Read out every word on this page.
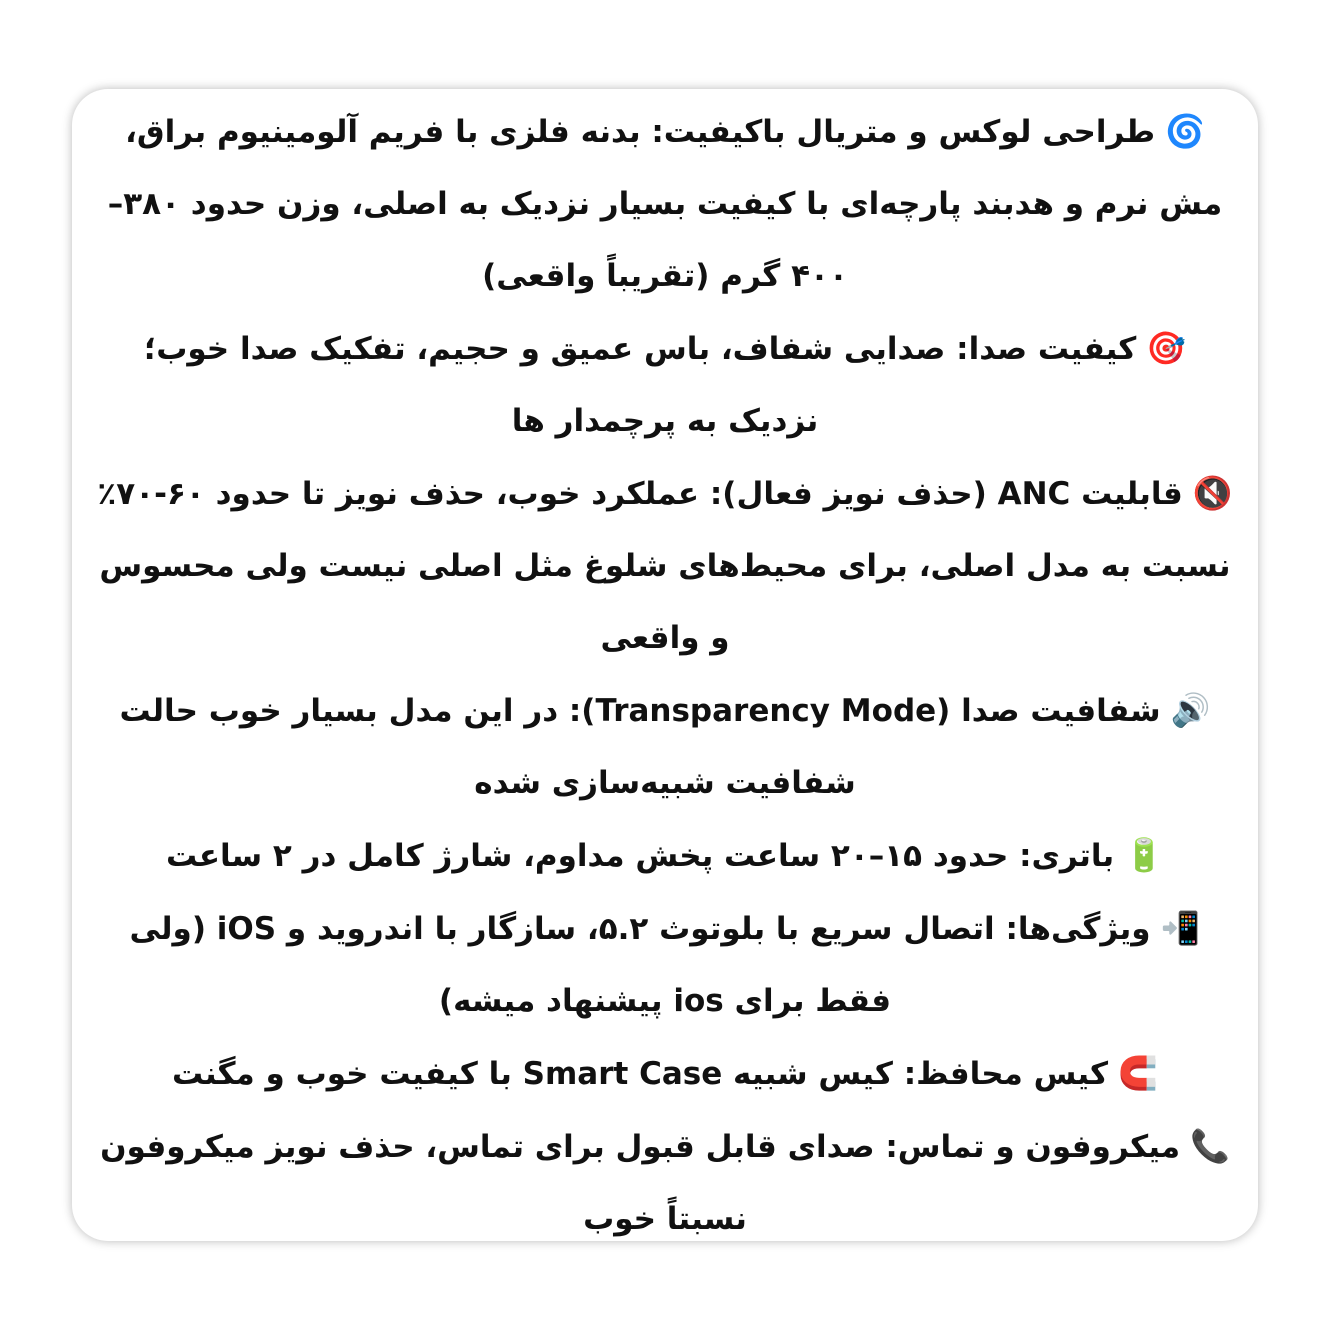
🌀طراحی لوکس و متریال باکیفیت: بدنه فلزی با فریم آلومینیوم براق، مش نرم و هدبند پارچه‌ای با کیفیت بسیار نزدیک به اصلی، وزن حدود ۳۸۰–۴۰۰ گرم (تقریباً واقعی)

🎯کیفیت صدا: صدایی شفاف، باس عمیق و حجیم، تفکیک صدا خوب؛ نزدیک به پرچمدار ها

🔇قابلیت ANC (حذف نویز فعال): عملکرد خوب، حذف نویز تا حدود ۶۰-۷۰٪ نسبت به مدل اصلی، برای محیط‌های شلوغ مثل اصلی نیست ولی محسوس و واقعی

🔊شفافیت صدا (Transparency Mode): در این مدل بسیار خوب حالت شفافیت شبیه‌سازی شده

🔋باتری: حدود ۱۵–۲۰ ساعت پخش مداوم، شارژ کامل در ۲ ساعت

📲ویژگی‌ها: اتصال سریع با بلوتوث ۵.۲، سازگار با اندروید و iOS (ولی فقط برای ios پیشنهاد میشه)

🧲کیس محافظ: کیس شبیه Smart Case با کیفیت خوب و مگنت

📞میکروفون و تماس: صدای قابل قبول برای تماس، حذف نویز میکروفون نسبتاً خوب
